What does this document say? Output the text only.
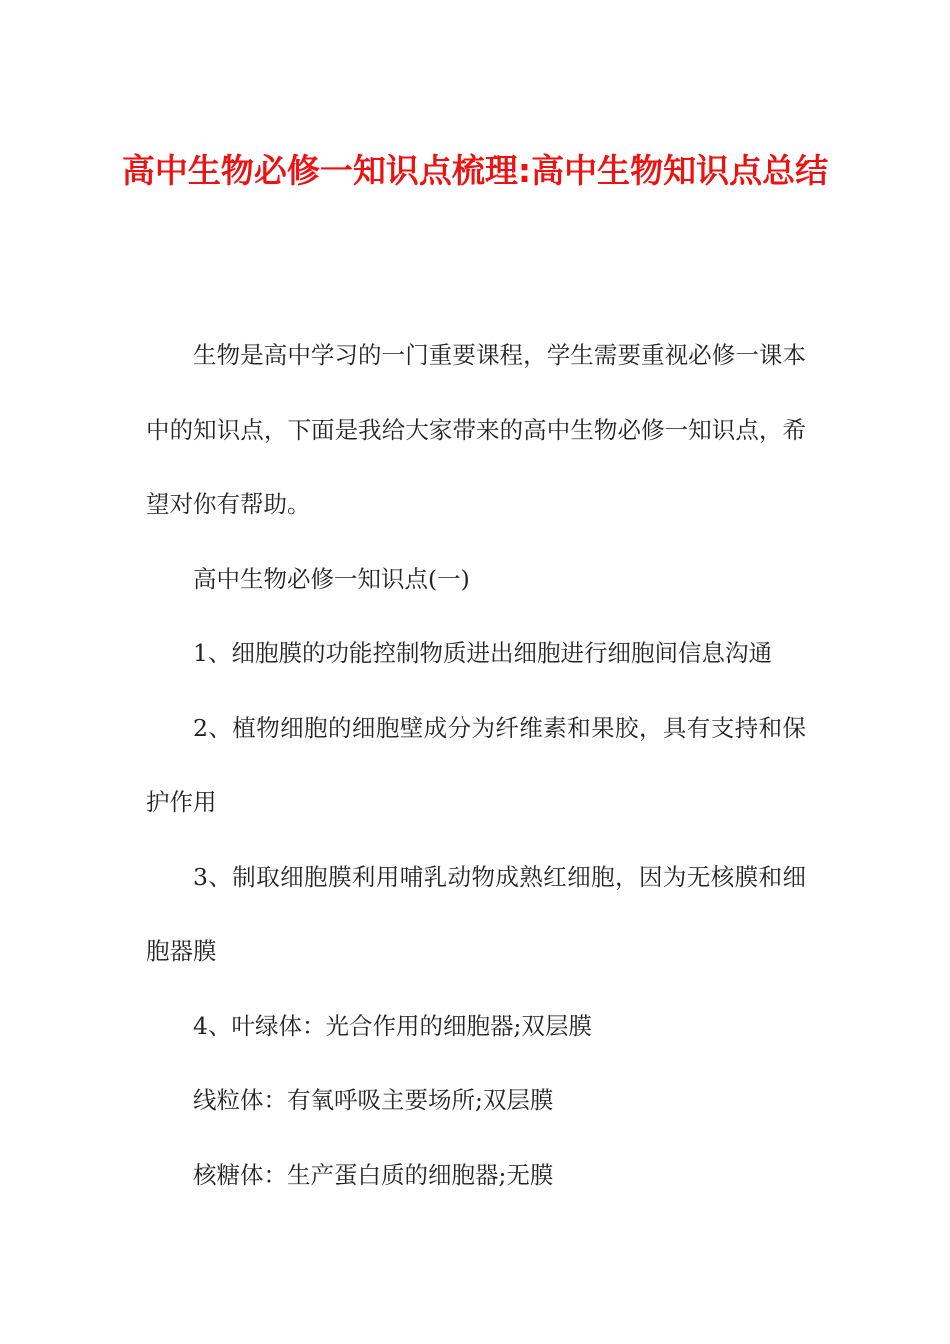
高中生物必修一知识点梳理:高中生物知识点总结

生物是高中学习的一门重要课程，学生需要重视必修一课本中的知识点，下面是我给大家带来的高中生物必修一知识点，希望对你有帮助。

高中生物必修一知识点(一)

1、细胞膜的功能控制物质进出细胞进行细胞间信息沟通

2、植物细胞的细胞壁成分为纤维素和果胶，具有支持和保护作用

3、制取细胞膜利用哺乳动物成熟红细胞，因为无核膜和细胞器膜

4、叶绿体：光合作用的细胞器;双层膜

线粒体：有氧呼吸主要场所;双层膜

核糖体：生产蛋白质的细胞器;无膜
